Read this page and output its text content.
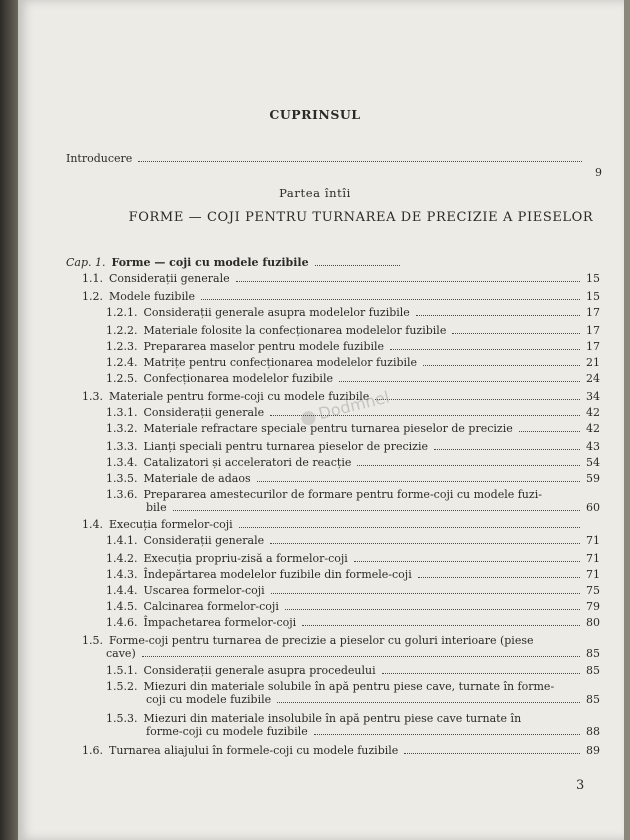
CUPRINSUL
Introducere
9
Partea întîi
FORME — COJI PENTRU TURNAREA DE PRECIZIE A PIESELOR
Cap. 1. Forme — coji cu modele fuzibile
1.1. Considerații generale	15
1.2. Modele fuzibile	15
1.2.1. Considerații generale asupra modelelor fuzibile	17
1.2.2. Materiale folosite la confecționarea modelelor fuzibile	17
1.2.3. Prepararea maselor pentru modele fuzibile	17
1.2.4. Matrițe pentru confecționarea modelelor fuzibile	21
1.2.5. Confecționarea modelelor fuzibile	24
1.3. Materiale pentru forme-coji cu modele fuzibile	34
Dodmnel
1.3.1. Considerații generale	42
1.3.2. Materiale refractare speciale pentru turnarea pieselor de precizie	42
1.3.3. Lianți speciali pentru turnarea pieselor de precizie	43
1.3.4. Catalizatori și acceleratori de reacție	54
1.3.5. Materiale de adaos	59
1.3.6. Prepararea amestecurilor de formare pentru forme-coji cu modele fuzi-
bile	60
1.4. Execuția formelor-coji
1.4.1. Considerații generale	71
1.4.2. Execuția propriu-zisă a formelor-coji	71
1.4.3. Îndepărtarea modelelor fuzibile din formele-coji	71
1.4.4. Uscarea formelor-coji	75
1.4.5. Calcinarea formelor-coji	79
1.4.6. Împachetarea formelor-coji	80
1.5. Forme-coji pentru turnarea de precizie a pieselor cu goluri interioare (piese
cave)	85
1.5.1. Considerații generale asupra procedeului	85
1.5.2. Miezuri din materiale solubile în apă pentru piese cave, turnate în forme-
coji cu modele fuzibile	85
1.5.3. Miezuri din materiale insolubile în apă pentru piese cave turnate în
forme-coji cu modele fuzibile	88
1.6. Turnarea aliajului în formele-coji cu modele fuzibile	89
3
